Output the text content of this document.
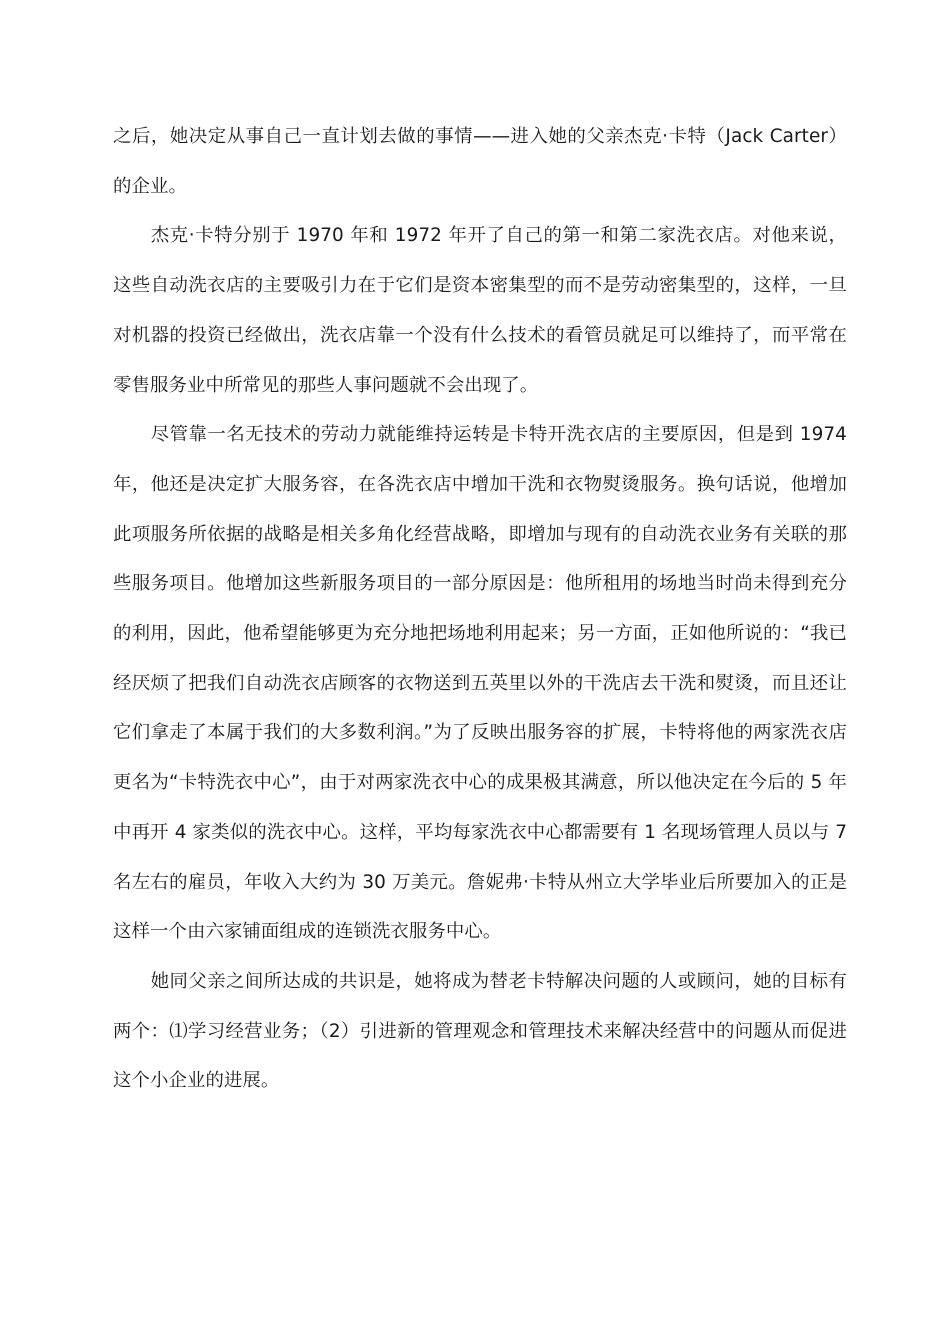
之后，她决定从事自己一直计划去做的事情——进入她的父亲杰克·卡特（Jack Carter）的企业。

杰克·卡特分别于 1970 年和 1972 年开了自己的第一和第二家洗衣店。对他来说，这些自动洗衣店的主要吸引力在于它们是资本密集型的而不是劳动密集型的，这样，一旦对机器的投资已经做出，洗衣店靠一个没有什么技术的看管员就足可以维持了，而平常在零售服务业中所常见的那些人事问题就不会出现了。

尽管靠一名无技术的劳动力就能维持运转是卡特开洗衣店的主要原因，但是到 1974 年，他还是决定扩大服务容，在各洗衣店中增加干洗和衣物熨烫服务。换句话说，他增加此项服务所依据的战略是相关多角化经营战略，即增加与现有的自动洗衣业务有关联的那些服务项目。他增加这些新服务项目的一部分原因是：他所租用的场地当时尚未得到充分的利用，因此，他希望能够更为充分地把场地利用起来；另一方面，正如他所说的：“我已经厌烦了把我们自动洗衣店顾客的衣物送到五英里以外的干洗店去干洗和熨烫，而且还让它们拿走了本属于我们的大多数利润。”为了反映出服务容的扩展，卡特将他的两家洗衣店更名为“卡特洗衣中心”，由于对两家洗衣中心的成果极其满意，所以他决定在今后的 5 年中再开 4 家类似的洗衣中心。这样，平均每家洗衣中心都需要有 1 名现场管理人员以与 7 名左右的雇员，年收入大约为 30 万美元。詹妮弗·卡特从州立大学毕业后所要加入的正是这样一个由六家铺面组成的连锁洗衣服务中心。

她同父亲之间所达成的共识是，她将成为替老卡特解决问题的人或顾问，她的目标有两个：⑴学习经营业务；（2）引进新的管理观念和管理技术来解决经营中的问题从而促进这个小企业的进展。
